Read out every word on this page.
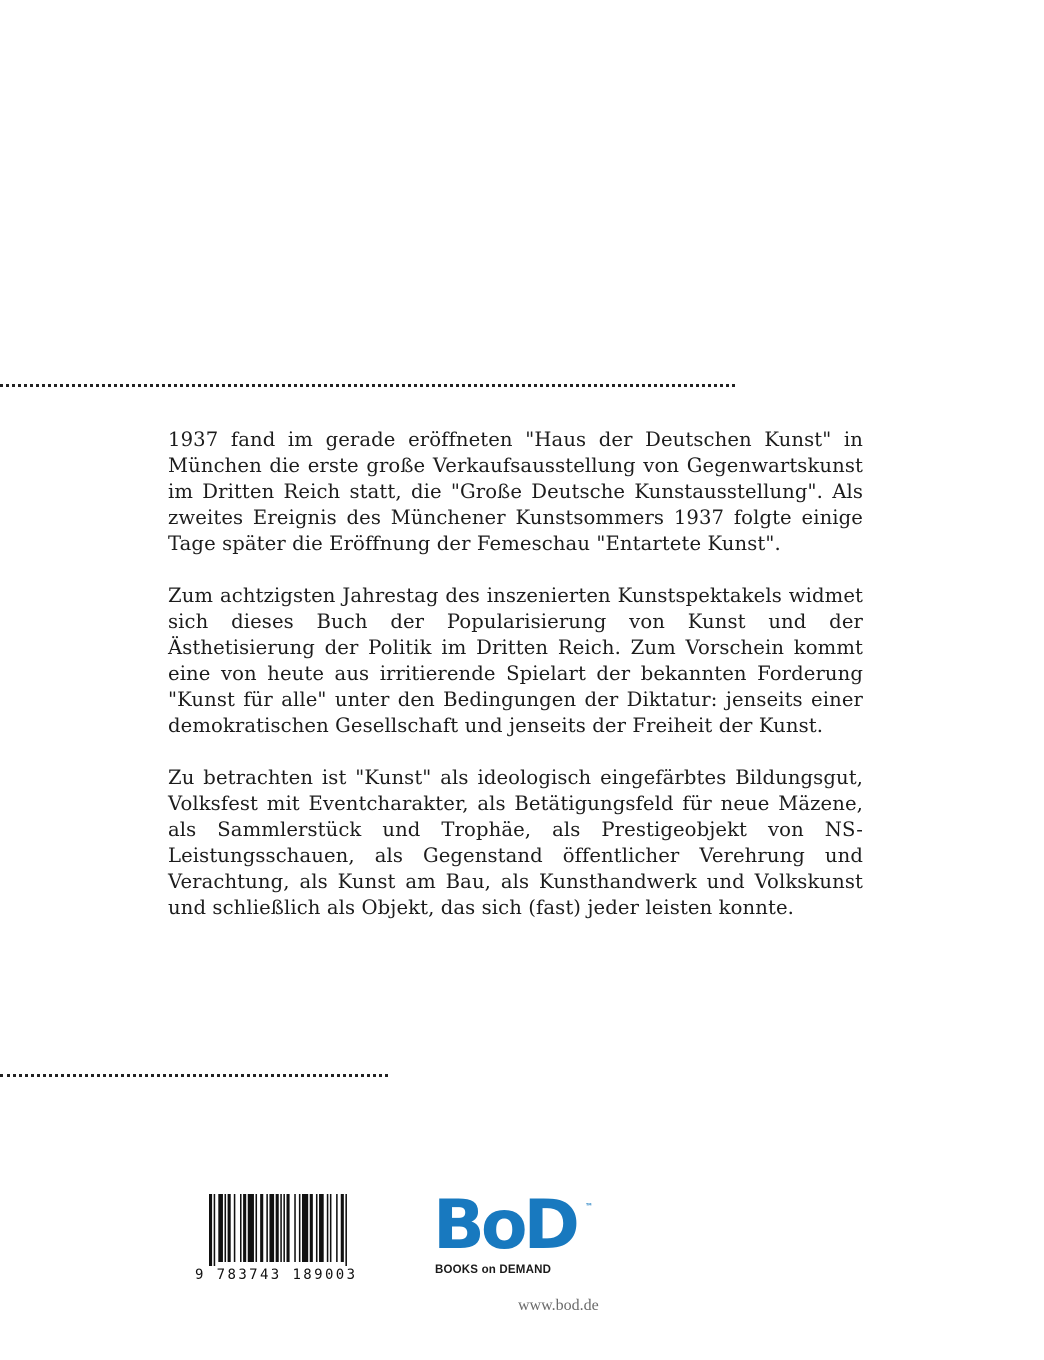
1937 fand im gerade eröffneten "Haus der Deutschen Kunst" in München die erste große Verkaufsausstellung von Gegenwartskunst im Dritten Reich statt, die "Große Deutsche Kunstausstellung". Als zweites Ereignis des Münchener Kunstsommers 1937 folgte einige Tage später die Eröffnung der Femeschau "Entartete Kunst".

Zum achtzigsten Jahrestag des inszenierten Kunstspektakels widmet sich dieses Buch der Popularisierung von Kunst und der Ästhetisierung der Politik im Dritten Reich. Zum Vorschein kommt eine von heute aus irritierende Spielart der bekannten Forderung "Kunst für alle" unter den Bedingungen der Diktatur: jenseits einer demokratischen Gesellschaft und jenseits der Freiheit der Kunst.

Zu betrachten ist "Kunst" als ideologisch eingefärbtes Bildungsgut, Volksfest mit Eventcharakter, als Betätigungsfeld für neue Mäzene, als Sammlerstück und Trophäe, als Prestigeobjekt von NS-Leistungsschauen, als Gegenstand öffentlicher Verehrung und Verachtung, als Kunst am Bau, als Kunsthandwerk und Volkskunst und schließlich als Objekt, das sich (fast) jeder leisten konnte.

9 783743 189003
BoD ™
BOOKS on DEMAND
www.bod.de
